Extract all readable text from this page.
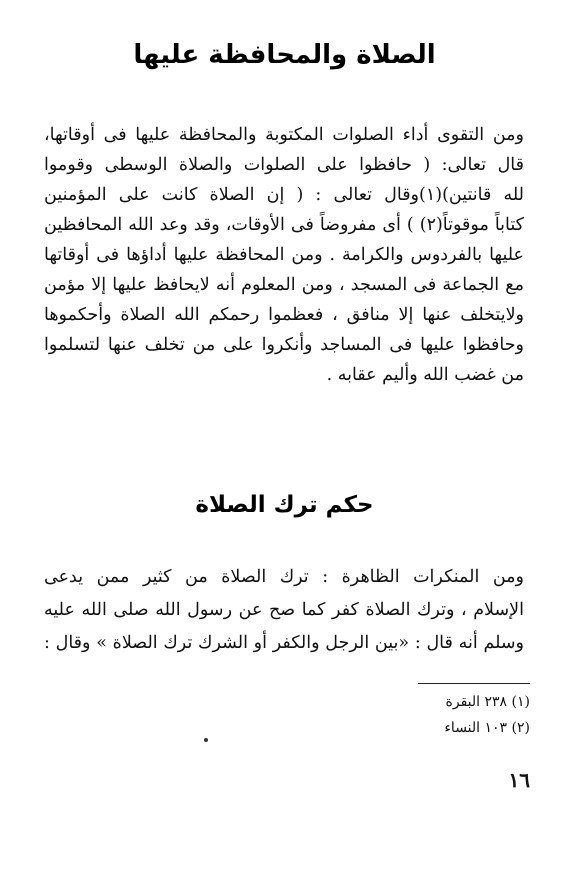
الصلاة والمحافظة عليها
ومن التقوى أداء الصلوات المكتوبة والمحافظة عليها فى أوقاتها،
قال تعالى: ( حافظوا على الصلوات والصلاة الوسطى وقوموا
لله قانتين)(١)وقال تعالى : ( إن الصلاة كانت على المؤمنين
كتاباً موقوتاً(٢) ) أى مفروضاً فى الأوقات، وقد وعد الله المحافظين
عليها بالفردوس والكرامة . ومن المحافظة عليها أداؤها فى أوقاتها
مع الجماعة فى المسجد ، ومن المعلوم أنه لايحافظ عليها إلا مؤمن
ولايتخلف عنها إلا منافق ، فعظموا رحمكم الله الصلاة وأحكموها
وحافظوا عليها فى المساجد وأنكروا على من تخلف عنها لتسلموا
من غضب الله وأليم عقابه .
حكم ترك الصلاة
ومن المنكرات الظاهرة : ترك الصلاة من كثير ممن يدعى
الإسلام ، وترك الصلاة كفر كما صح عن رسول الله صلى الله عليه
وسلم أنه قال : «بين الرجل والكفر أو الشرك ترك الصلاة » وقال :
(١) ٢٣٨ البقرة
(٢) ١٠٣ النساء
١٦
